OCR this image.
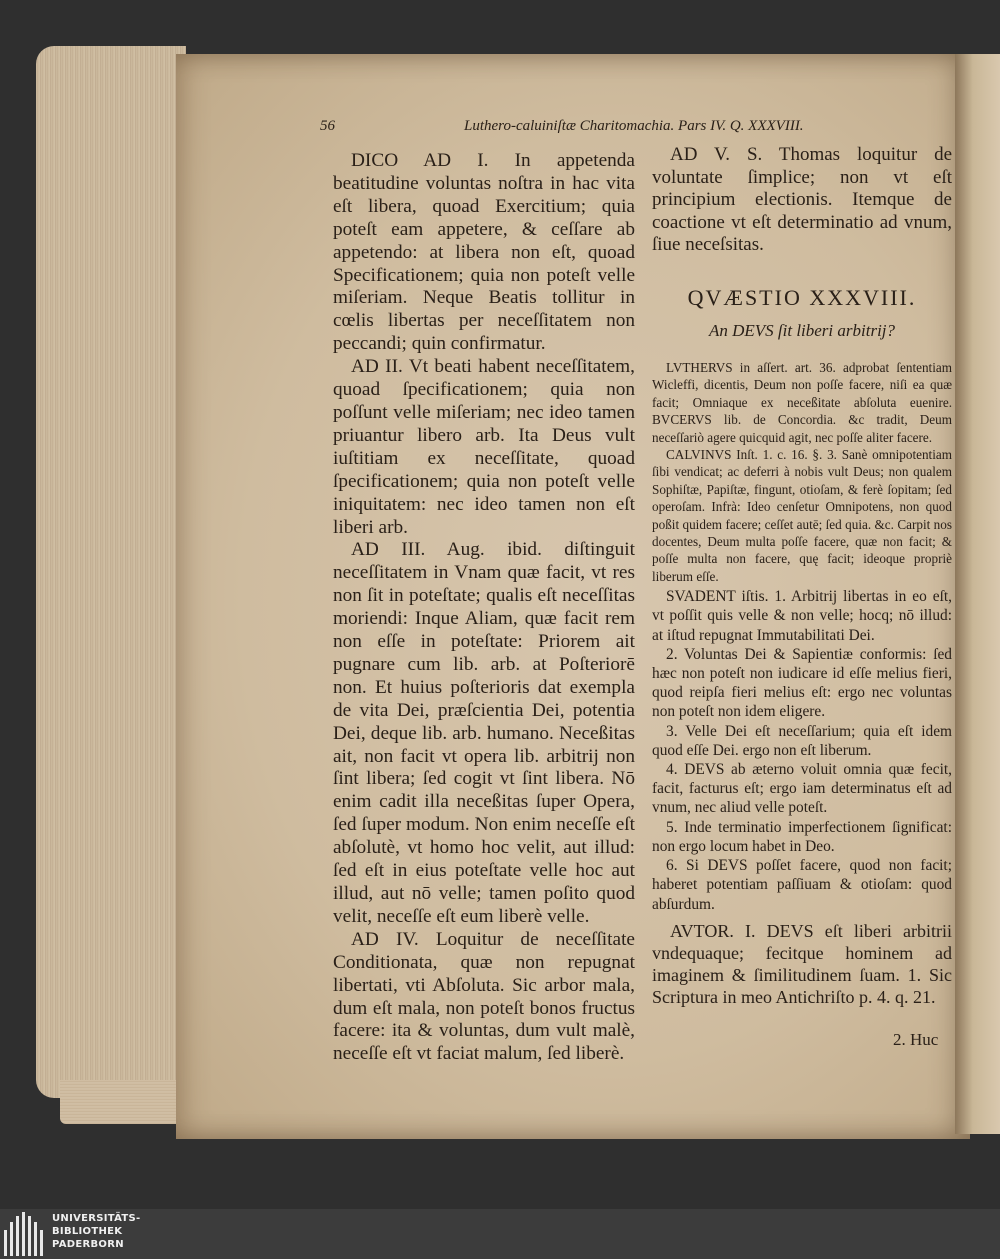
56	Luthero-caluiniſtæ Charitomachia. Pars IV. Q. XXXVIII.

DICO AD I. In appetenda beatitudine voluntas noſtra in hac vita eſt libera, quoad Exercitium; quia poteſt eam appetere, & ceſſare ab appetendo: at libera non eſt, quoad Specificationem; quia non poteſt velle miſeriam. Neque Beatis tollitur in cœlis libertas per neceſſitatem non peccandi; quin confirmatur.

AD II. Vt beati habent neceſſitatem, quoad ſpecificationem; quia non poſſunt velle miſeriam; nec ideo tamen priuantur libero arb. Ita Deus vult iuſtitiam ex neceſſitate, quoad ſpecificationem; quia non poteſt velle iniquitatem: nec ideo tamen non eſt liberi arb.

AD III. Aug. ibid. diſtinguit neceſſitatem in Vnam quæ facit, vt res non ſit in poteſtate; qualis eſt neceſſitas moriendi: Inque Aliam, quæ facit rem non eſſe in poteſtate: Priorem ait pugnare cum lib. arb. at Poſteriorē non. Et huius poſterioris dat exempla de vita Dei, præſcientia Dei, potentia Dei, deque lib. arb. humano. Neceßitas ait, non facit vt opera lib. arbitrij non ſint libera; ſed cogit vt ſint libera. Nō enim cadit illa neceßitas ſuper Opera, ſed ſuper modum. Non enim neceſſe eſt abſolutè, vt homo hoc velit, aut illud: ſed eſt in eius poteſtate velle hoc aut illud, aut nō velle; tamen poſito quod velit, neceſſe eſt eum liberè velle.

AD IV. Loquitur de neceſſitate Conditionata, quæ non repugnat libertati, vti Abſoluta. Sic arbor mala, dum eſt mala, non poteſt bonos fructus facere: ita & voluntas, dum vult malè, neceſſe eſt vt faciat malum, ſed liberè.

AD V. S. Thomas loquitur de voluntate ſimplice; non vt eſt principium electionis. Itemque de coactione vt eſt determinatio ad vnum, ſiue neceſsitas.

QVÆSTIO XXXVIII.
An DEVS ſit liberi arbitrij?

LVTHERVS in aſſert. art. 36. adprobat ſententiam Wicleffi, dicentis, Deum non poſſe facere, niſi ea quæ facit; Omniaque ex neceßitate abſoluta euenire. BVCERVS lib. de Concordia. &c tradit, Deum neceſſariò agere quicquid agit, nec poſſe aliter facere.

CALVINVS Inſt. 1. c. 16. §. 3. Sanè omnipotentiam ſibi vendicat; ac deferri à nobis vult Deus; non qualem Sophiſtæ, Papiſtæ, fingunt, otioſam, & ferè ſopitam; ſed operoſam. Infrà: Ideo cenſetur Omnipotens, non quod poßit quidem facere; ceſſet autē; ſed quia. &c. Carpit nos docentes, Deum multa poſſe facere, quæ non facit; & poſſe multa non facere, quę facit; ideoque propriè liberum eſſe.

SVADENT iſtis. 1. Arbitrij libertas in eo eſt, vt poſſit quis velle & non velle; hocq; nō illud: at iſtud repugnat Immutabilitati Dei.

2. Voluntas Dei & Sapientiæ conformis: ſed hæc non poteſt non iudicare id eſſe melius fieri, quod reipſa fieri melius eſt: ergo nec voluntas non poteſt non idem eligere.

3. Velle Dei eſt neceſſarium; quia eſt idem quod eſſe Dei. ergo non eſt liberum.

4. DEVS ab æterno voluit omnia quæ fecit, facit, facturus eſt; ergo iam determinatus eſt ad vnum, nec aliud velle poteſt.

5. Inde terminatio imperfectionem ſignificat: non ergo locum habet in Deo.

6. Si DEVS poſſet facere, quod non facit; haberet potentiam paſſiuam & otioſam: quod abſurdum.

AVTOR. I. DEVS eſt liberi arbitrii vndequaque; fecitque hominem ad imaginem & ſimilitudinem ſuam. 1. Sic Scriptura in meo Antichriſto p. 4. q. 21.

2. Huc
UNIVERSITÄTS-
BIBLIOTHEK
PADERBORN
